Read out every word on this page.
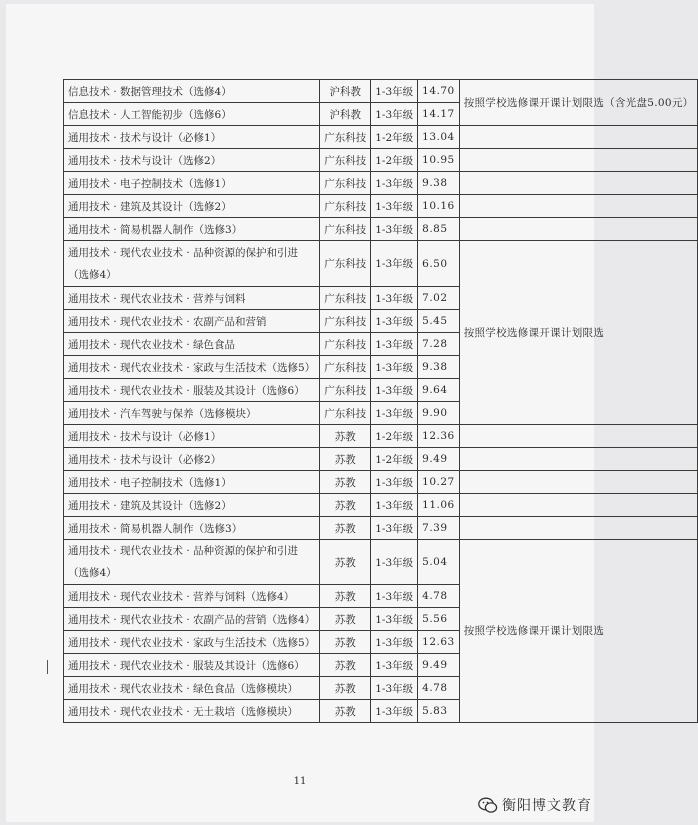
信息技术 · 数据管理技术（选修4）	沪科教	1-3年级	14.70	按照学校选修课开课计划限选（含光盘5.00元）
信息技术 · 人工智能初步（选修6）	沪科教	1-3年级	14.17	
通用技术 · 技术与设计（必修1）	广东科技	1-2年级	13.04	
通用技术 · 技术与设计（选修2）	广东科技	1-2年级	10.95	
通用技术 · 电子控制技术（选修1）	广东科技	1-3年级	9.38	
通用技术 · 建筑及其设计（选修2）	广东科技	1-3年级	10.16	
通用技术 · 简易机器人制作（选修3）	广东科技	1-3年级	8.85	
通用技术 · 现代农业技术 · 品种资源的保护和引进（选修4）	广东科技	1-3年级	6.50	按照学校选修课开课计划限选
通用技术 · 现代农业技术 · 营养与饲料	广东科技	1-3年级	7.02	
通用技术 · 现代农业技术 · 农副产品和营销	广东科技	1-3年级	5.45	
通用技术 · 现代农业技术 · 绿色食品	广东科技	1-3年级	7.28	
通用技术 · 现代农业技术 · 家政与生活技术（选修5）	广东科技	1-3年级	9.38	
通用技术 · 现代农业技术 · 服装及其设计（选修6）	广东科技	1-3年级	9.64	
通用技术 · 汽车驾驶与保养（选修模块）	广东科技	1-3年级	9.90	
通用技术 · 技术与设计（必修1）	苏教	1-2年级	12.36	
通用技术 · 技术与设计（必修2）	苏教	1-2年级	9.49	
通用技术 · 电子控制技术（选修1）	苏教	1-3年级	10.27	
通用技术 · 建筑及其设计（选修2）	苏教	1-3年级	11.06	
通用技术 · 简易机器人制作（选修3）	苏教	1-3年级	7.39	
通用技术 · 现代农业技术 · 品种资源的保护和引进（选修4）	苏教	1-3年级	5.04	按照学校选修课开课计划限选
通用技术 · 现代农业技术 · 营养与饲料（选修4）	苏教	1-3年级	4.78	
通用技术 · 现代农业技术 · 农副产品的营销（选修4）	苏教	1-3年级	5.56	
通用技术 · 现代农业技术 · 家政与生活技术（选修5）	苏教	1-3年级	12.63	
通用技术 · 现代农业技术 · 服装及其设计（选修6）	苏教	1-3年级	9.49	
通用技术 · 现代农业技术 · 绿色食品（选修模块）	苏教	1-3年级	4.78	
通用技术 · 现代农业技术 · 无土栽培（选修模块）	苏教	1-3年级	5.83	
11
衡阳博文教育
